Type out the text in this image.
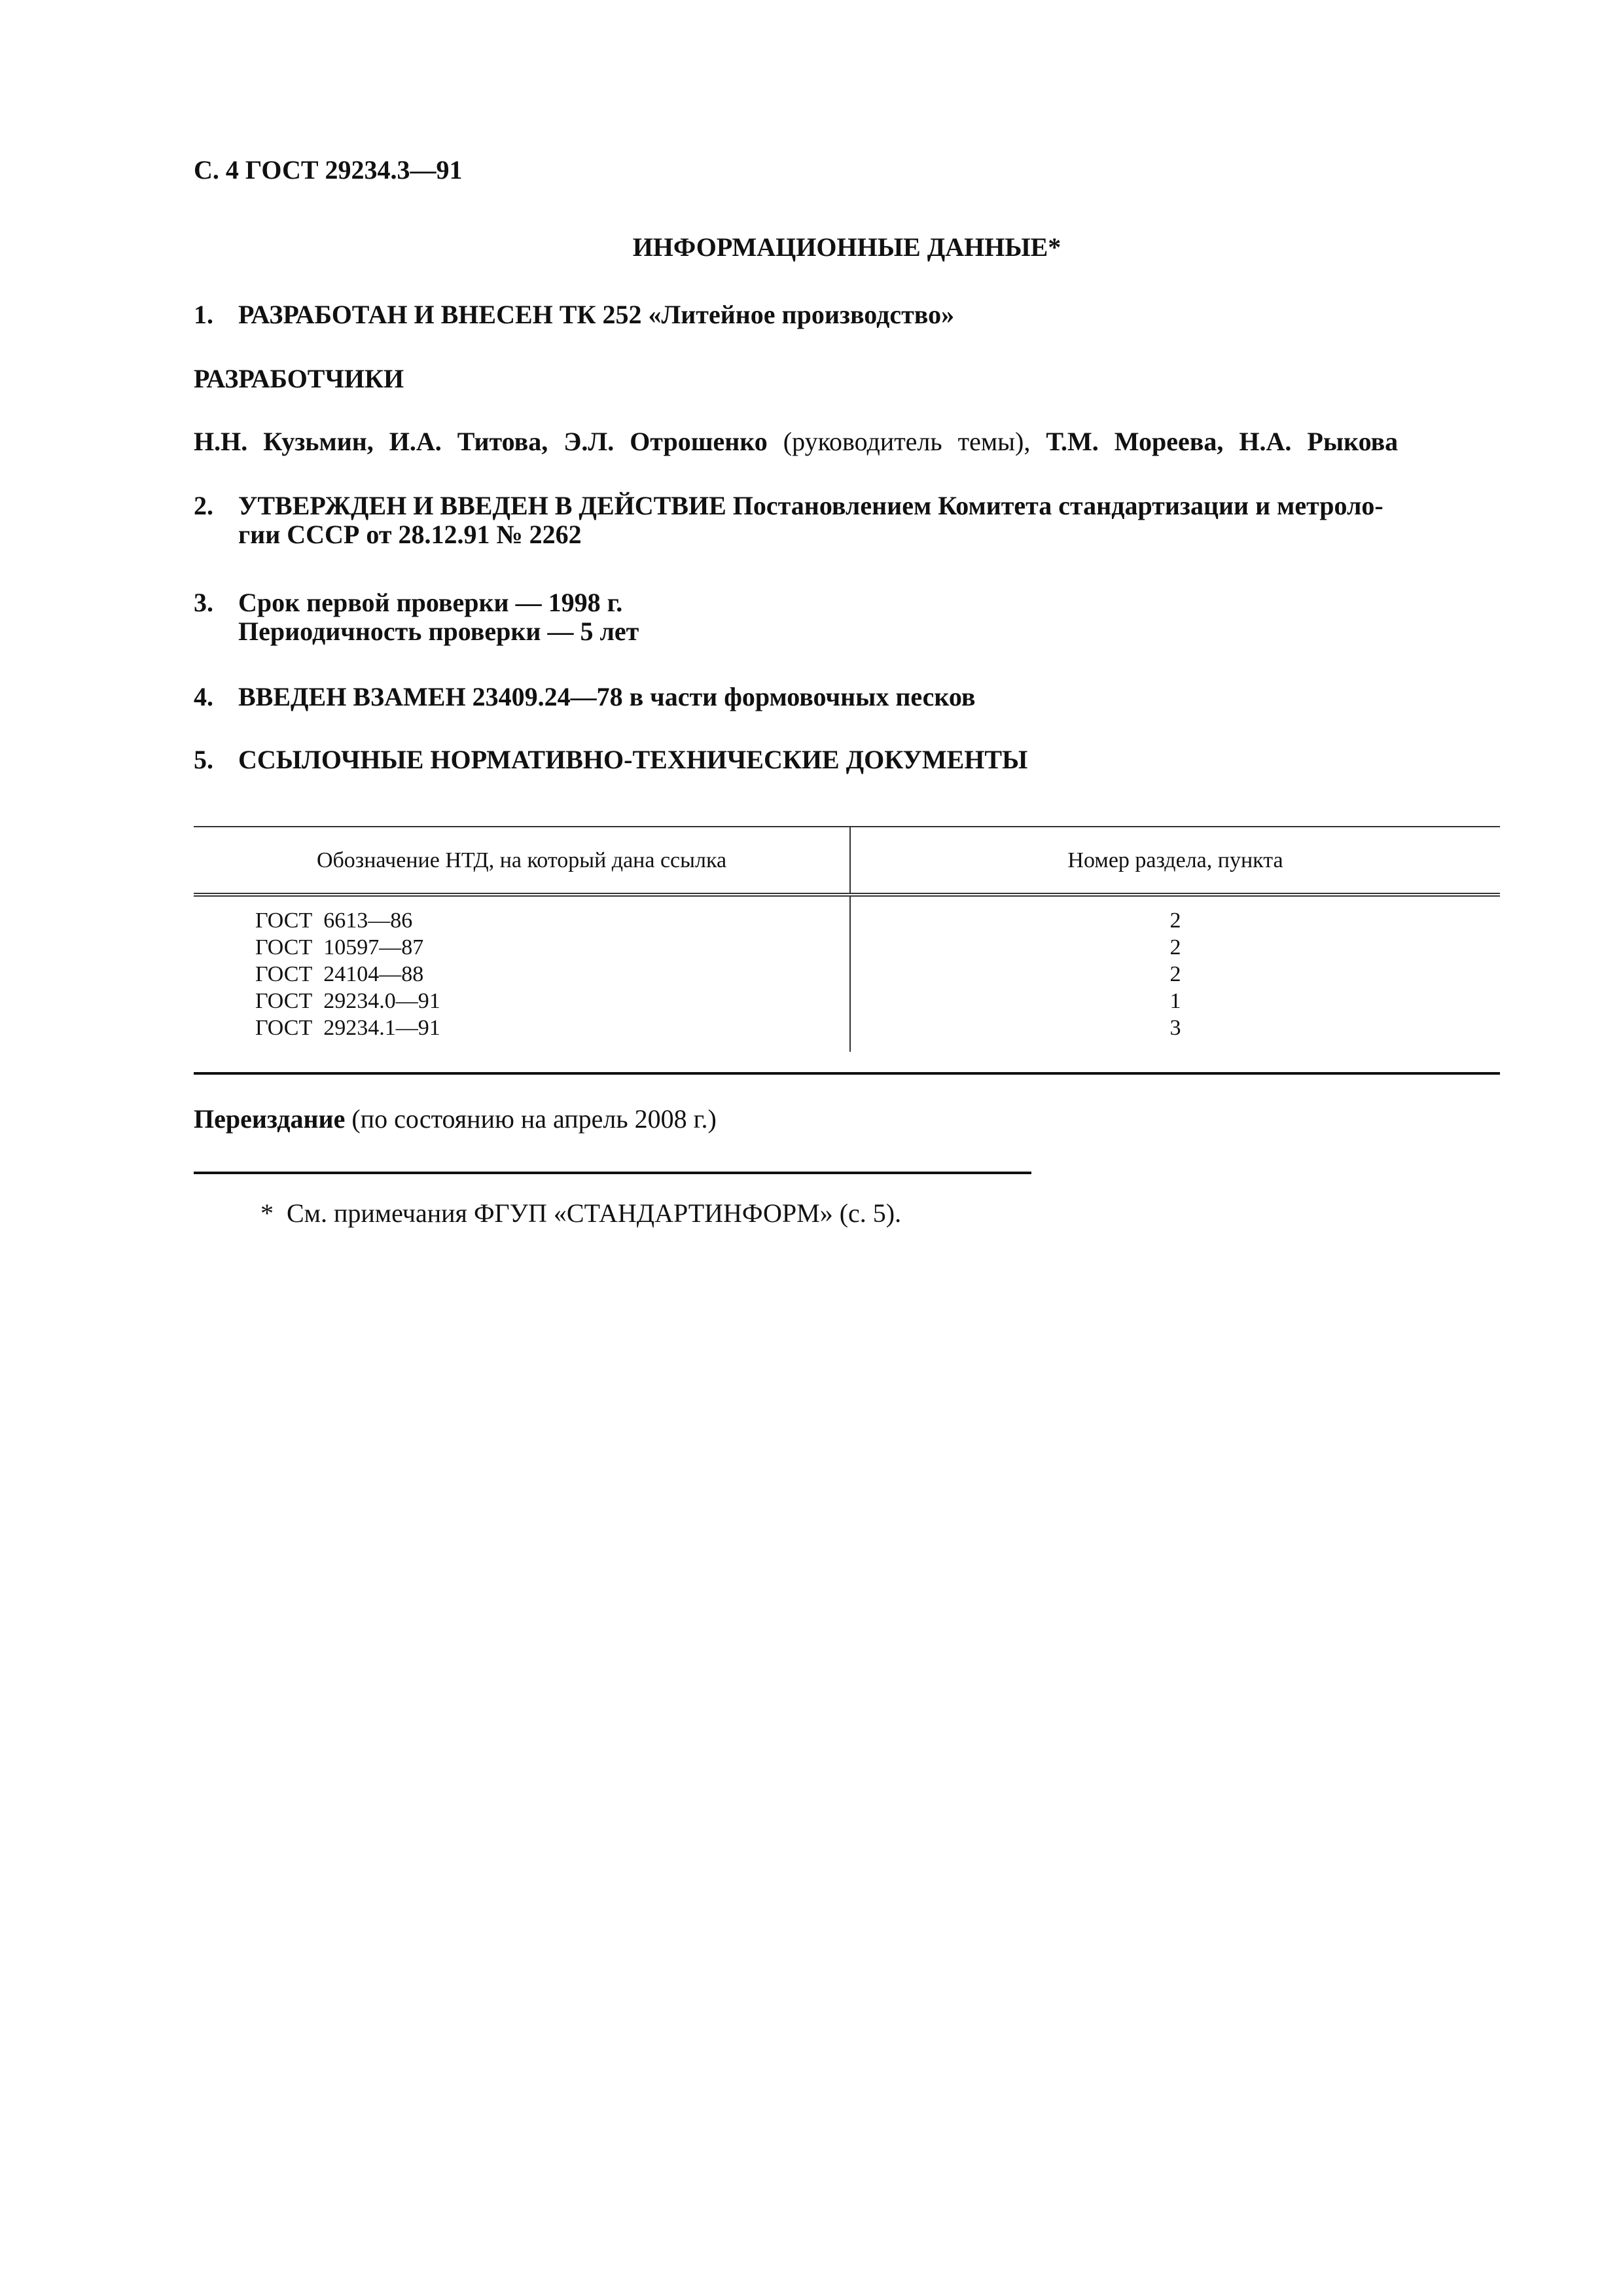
С. 4 ГОСТ 29234.3—91
ИНФОРМАЦИОННЫЕ ДАННЫЕ*
1. РАЗРАБОТАН И ВНЕСЕН ТК 252 «Литейное производство»
РАЗРАБОТЧИКИ
Н.Н. Кузьмин, И.А. Титова, Э.Л. Отрошенко (руководитель темы), Т.М. Мореева, Н.А. Рыкова
2. УТВЕРЖДЕН И ВВЕДЕН В ДЕЙСТВИЕ Постановлением Комитета стандартизации и метроло-
гии СССР от 28.12.91 № 2262
3. Срок первой проверки — 1998 г.
Периодичность проверки — 5 лет
4. ВВЕДЕН ВЗАМЕН 23409.24—78 в части формовочных песков
5. ССЫЛОЧНЫЕ НОРМАТИВНО-ТЕХНИЧЕСКИЕ ДОКУМЕНТЫ
Обозначение НТД, на который дана ссылка	Номер раздела, пункта
ГОСТ  6613—86	2
ГОСТ  10597—87	2
ГОСТ  24104—88	2
ГОСТ  29234.0—91	1
ГОСТ  29234.1—91	3
Переиздание (по состоянию на апрель 2008 г.)
*  См. примечания ФГУП «СТАНДАРТИНФОРМ» (с. 5).
